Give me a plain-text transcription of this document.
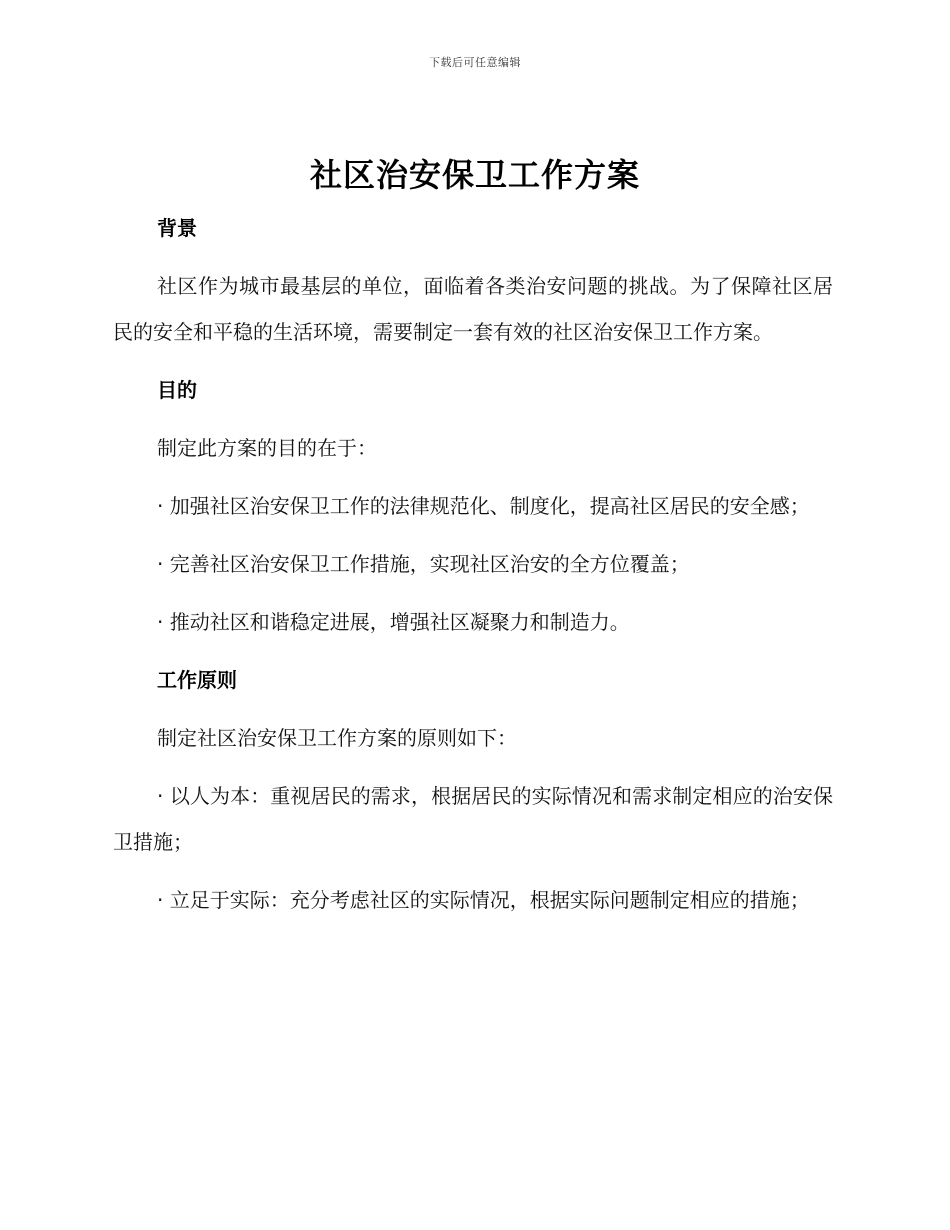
下载后可任意编辑
社区治安保卫工作方案
背景
社区作为城市最基层的单位，面临着各类治安问题的挑战。为了保障社区居民的安全和平稳的生活环境，需要制定一套有效的社区治安保卫工作方案。
目的
制定此方案的目的在于：
· 加强社区治安保卫工作的法律规范化、制度化，提高社区居民的安全感；
· 完善社区治安保卫工作措施，实现社区治安的全方位覆盖；
· 推动社区和谐稳定进展，增强社区凝聚力和制造力。
工作原则
制定社区治安保卫工作方案的原则如下：
· 以人为本：重视居民的需求，根据居民的实际情况和需求制定相应的治安保卫措施；
· 立足于实际：充分考虑社区的实际情况，根据实际问题制定相应的措施；
